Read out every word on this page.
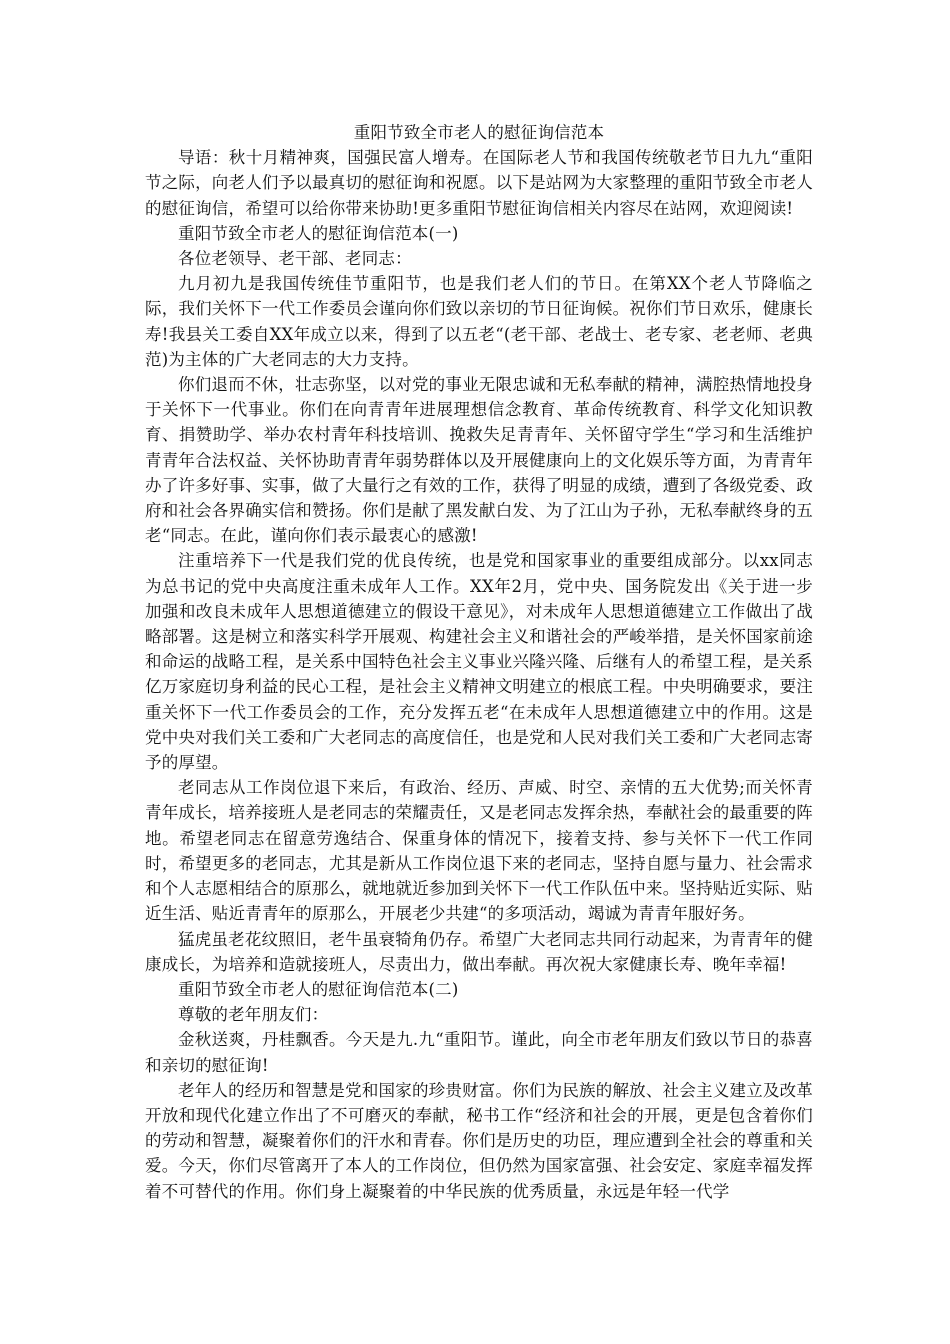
重阳节致全市老人的慰征询信范本

导语：秋十月精神爽，国强民富人增寿。在国际老人节和我国传统敬老节日九九“重阳节之际，向老人们予以最真切的慰征询和祝愿。以下是站网为大家整理的重阳节致全市老人的慰征询信，希望可以给你带来协助!更多重阳节慰征询信相关内容尽在站网，欢迎阅读!

重阳节致全市老人的慰征询信范本(一)

各位老领导、老干部、老同志：

九月初九是我国传统佳节重阳节，也是我们老人们的节日。在第XX个老人节降临之际，我们关怀下一代工作委员会谨向你们致以亲切的节日征询候。祝你们节日欢乐，健康长寿!我县关工委自XX年成立以来，得到了以五老“(老干部、老战士、老专家、老老师、老典范)为主体的广大老同志的大力支持。

你们退而不休，壮志弥坚，以对党的事业无限忠诚和无私奉献的精神，满腔热情地投身于关怀下一代事业。你们在向青青年进展理想信念教育、革命传统教育、科学文化知识教育、捐赞助学、举办农村青年科技培训、挽救失足青青年、关怀留守学生“学习和生活维护青青年合法权益、关怀协助青青年弱势群体以及开展健康向上的文化娱乐等方面，为青青年办了许多好事、实事，做了大量行之有效的工作，获得了明显的成绩，遭到了各级党委、政府和社会各界确实信和赞扬。你们是献了黑发献白发、为了江山为子孙，无私奉献终身的五老“同志。在此，谨向你们表示最衷心的感激!

注重培养下一代是我们党的优良传统，也是党和国家事业的重要组成部分。以xx同志为总书记的党中央高度注重未成年人工作。XX年2月，党中央、国务院发出《关于进一步加强和改良未成年人思想道德建立的假设干意见》，对未成年人思想道德建立工作做出了战略部署。这是树立和落实科学开展观、构建社会主义和谐社会的严峻举措，是关怀国家前途和命运的战略工程，是关系中国特色社会主义事业兴隆兴隆、后继有人的希望工程，是关系亿万家庭切身利益的民心工程，是社会主义精神文明建立的根底工程。中央明确要求，要注重关怀下一代工作委员会的工作，充分发挥五老“在未成年人思想道德建立中的作用。这是党中央对我们关工委和广大老同志的高度信任，也是党和人民对我们关工委和广大老同志寄予的厚望。

老同志从工作岗位退下来后，有政治、经历、声威、时空、亲情的五大优势;而关怀青青年成长，培养接班人是老同志的荣耀责任，又是老同志发挥余热，奉献社会的最重要的阵地。希望老同志在留意劳逸结合、保重身体的情况下，接着支持、参与关怀下一代工作同时，希望更多的老同志，尤其是新从工作岗位退下来的老同志，坚持自愿与量力、社会需求和个人志愿相结合的原那么，就地就近参加到关怀下一代工作队伍中来。坚持贴近实际、贴近生活、贴近青青年的原那么，开展老少共建“的多项活动，竭诚为青青年服好务。

猛虎虽老花纹照旧，老牛虽衰犄角仍存。希望广大老同志共同行动起来，为青青年的健康成长，为培养和造就接班人，尽责出力，做出奉献。再次祝大家健康长寿、晚年幸福!

重阳节致全市老人的慰征询信范本(二)

尊敬的老年朋友们：

金秋送爽，丹桂飘香。今天是九.九“重阳节。谨此，向全市老年朋友们致以节日的恭喜和亲切的慰征询!

老年人的经历和智慧是党和国家的珍贵财富。你们为民族的解放、社会主义建立及改革开放和现代化建立作出了不可磨灭的奉献，秘书工作“经济和社会的开展，更是包含着你们的劳动和智慧，凝聚着你们的汗水和青春。你们是历史的功臣，理应遭到全社会的尊重和关爱。今天，你们尽管离开了本人的工作岗位，但仍然为国家富强、社会安定、家庭幸福发挥着不可替代的作用。你们身上凝聚着的中华民族的优秀质量，永远是年轻一代学
